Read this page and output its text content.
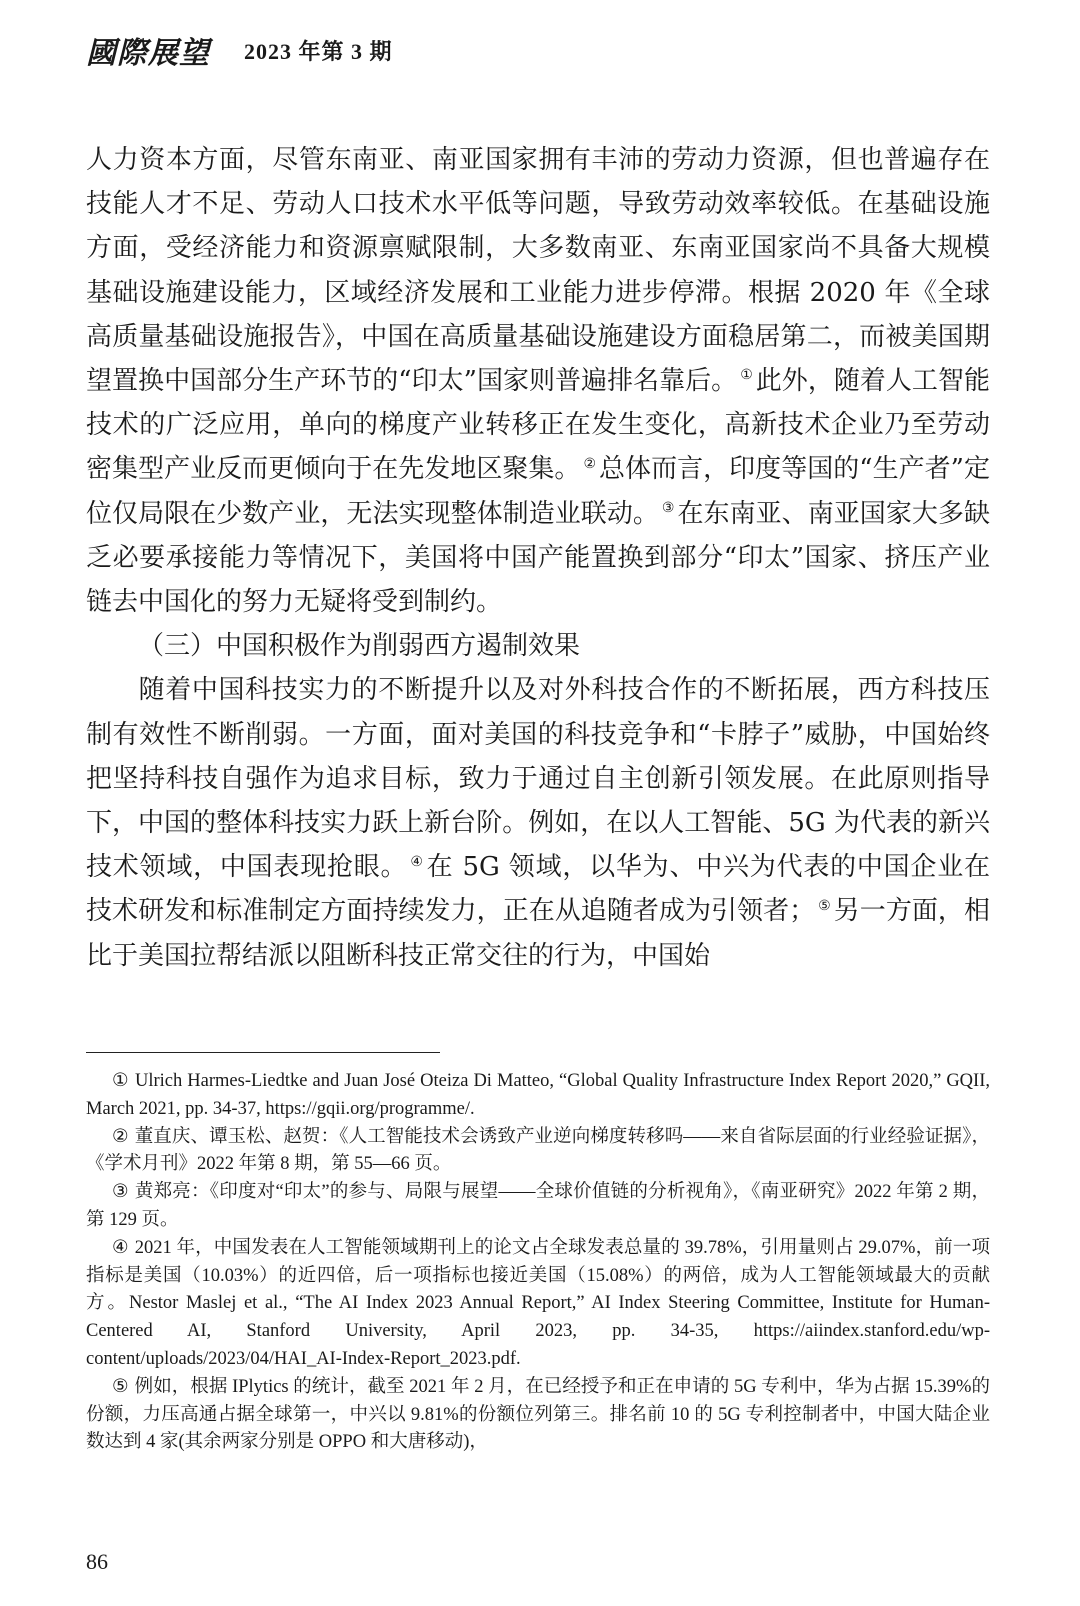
國際展望 2023 年第 3 期

人力资本方面，尽管东南亚、南亚国家拥有丰沛的劳动力资源，但也普遍存在技能人才不足、劳动人口技术水平低等问题，导致劳动效率较低。在基础设施方面，受经济能力和资源禀赋限制，大多数南亚、东南亚国家尚不具备大规模基础设施建设能力，区域经济发展和工业能力进步停滞。根据 2020 年《全球高质量基础设施报告》，中国在高质量基础设施建设方面稳居第二，而被美国期望置换中国部分生产环节的“印太”国家则普遍排名靠后。 ① 此外，随着人工智能技术的广泛应用，单向的梯度产业转移正在发生变化，高新技术企业乃至劳动密集型产业反而更倾向于在先发地区聚集。 ② 总体而言，印度等国的“生产者”定位仅局限在少数产业，无法实现整体制造业联动。 ③ 在东南亚、南亚国家大多缺乏必要承接能力等情况下，美国将中国产能置换到部分“印太”国家、挤压产业链去中国化的努力无疑将受到制约。

（三）中国积极作为削弱西方遏制效果

随着中国科技实力的不断提升以及对外科技合作的不断拓展，西方科技压制有效性不断削弱。一方面，面对美国的科技竞争和“卡脖子”威胁，中国始终把坚持科技自强作为追求目标，致力于通过自主创新引领发展。在此原则指导下，中国的整体科技实力跃上新台阶。例如，在以人工智能、5G 为代表的新兴技术领域，中国表现抢眼。 ④ 在 5G 领域，以华为、中兴为代表的中国企业在技术研发和标准制定方面持续发力，正在从追随者成为引领者； ⑤ 另一方面，相比于美国拉帮结派以阻断科技正常交往的行为，中国始

① Ulrich Harmes-Liedtke and Juan José Oteiza Di Matteo, “Global Quality Infrastructure Index Report 2020,” GQII, March 2021, pp. 34-37, https://gqii.org/programme/.

② 董直庆、谭玉松、赵贺：《人工智能技术会诱致产业逆向梯度转移吗——来自省际层面的行业经验证据》，《学术月刊》2022 年第 8 期，第 55—66 页。

③ 黄郑亮：《印度对“印太”的参与、局限与展望——全球价值链的分析视角》，《南亚研究》2022 年第 2 期，第 129 页。

④ 2021 年，中国发表在人工智能领域期刊上的论文占全球发表总量的 39.78%，引用量则占 29.07%，前一项指标是美国（10.03%）的近四倍，后一项指标也接近美国（15.08%）的两倍，成为人工智能领域最大的贡献方。Nestor Maslej et al., “The AI Index 2023 Annual Report,” AI Index Steering Committee, Institute for Human-Centered AI, Stanford University, April 2023, pp. 34-35, https://aiindex.stanford.edu/wp-content/uploads/2023/04/HAI_AI-Index-Report_2023.pdf.

⑤ 例如，根据 IPlytics 的统计，截至 2021 年 2 月，在已经授予和正在申请的 5G 专利中，华为占据 15.39%的份额，力压高通占据全球第一，中兴以 9.81%的份额位列第三。排名前 10 的 5G 专利控制者中，中国大陆企业数达到 4 家(其余两家分别是 OPPO 和大唐移动)，

86
